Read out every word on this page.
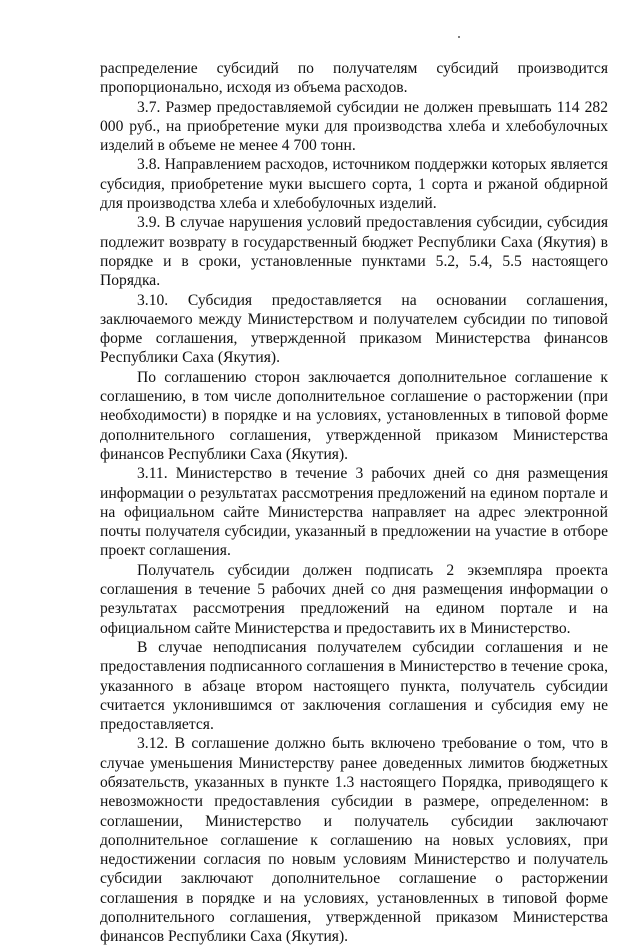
распределение субсидий по получателям субсидий производится пропорционально, исходя из объема расходов.

3.7. Размер предоставляемой субсидии не должен превышать 114 282 000 руб., на приобретение муки для производства хлеба и хлебобулочных изделий в объеме не менее 4 700 тонн.

3.8. Направлением расходов, источником поддержки которых является субсидия, приобретение муки высшего сорта, 1 сорта и ржаной обдирной для производства хлеба и хлебобулочных изделий.

3.9. В случае нарушения условий предоставления субсидии, субсидия подлежит возврату в государственный бюджет Республики Саха (Якутия) в порядке и в сроки, установленные пунктами 5.2, 5.4, 5.5 настоящего Порядка.

3.10. Субсидия предоставляется на основании соглашения, заключаемого между Министерством и получателем субсидии по типовой форме соглашения, утвержденной приказом Министерства финансов Республики Саха (Якутия).

По соглашению сторон заключается дополнительное соглашение к соглашению, в том числе дополнительное соглашение о расторжении (при необходимости) в порядке и на условиях, установленных в типовой форме дополнительного соглашения, утвержденной приказом Министерства финансов Республики Саха (Якутия).

3.11. Министерство в течение 3 рабочих дней со дня размещения информации о результатах рассмотрения предложений на едином портале и на официальном сайте Министерства направляет на адрес электронной почты получателя субсидии, указанный в предложении на участие в отборе проект соглашения.

Получатель субсидии должен подписать 2 экземпляра проекта соглашения в течение 5 рабочих дней со дня размещения информации о результатах рассмотрения предложений на едином портале и на официальном сайте Министерства и предоставить их в Министерство.

В случае неподписания получателем субсидии соглашения и не предоставления подписанного соглашения в Министерство в течение срока, указанного в абзаце втором настоящего пункта, получатель субсидии считается уклонившимся от заключения соглашения и субсидия ему не предоставляется.

3.12. В соглашение должно быть включено требование о том, что в случае уменьшения Министерству ранее доведенных лимитов бюджетных обязательств, указанных в пункте 1.3 настоящего Порядка, приводящего к невозможности предоставления субсидии в размере, определенном: в соглашении, Министерство и получатель субсидии заключают дополнительное соглашение к соглашению на новых условиях, при недостижении согласия по новым условиям Министерство и получатель субсидии заключают дополнительное соглашение о расторжении соглашения в порядке и на условиях, установленных в типовой форме дополнительного соглашения, утвержденной приказом Министерства финансов Республики Саха (Якутия).
